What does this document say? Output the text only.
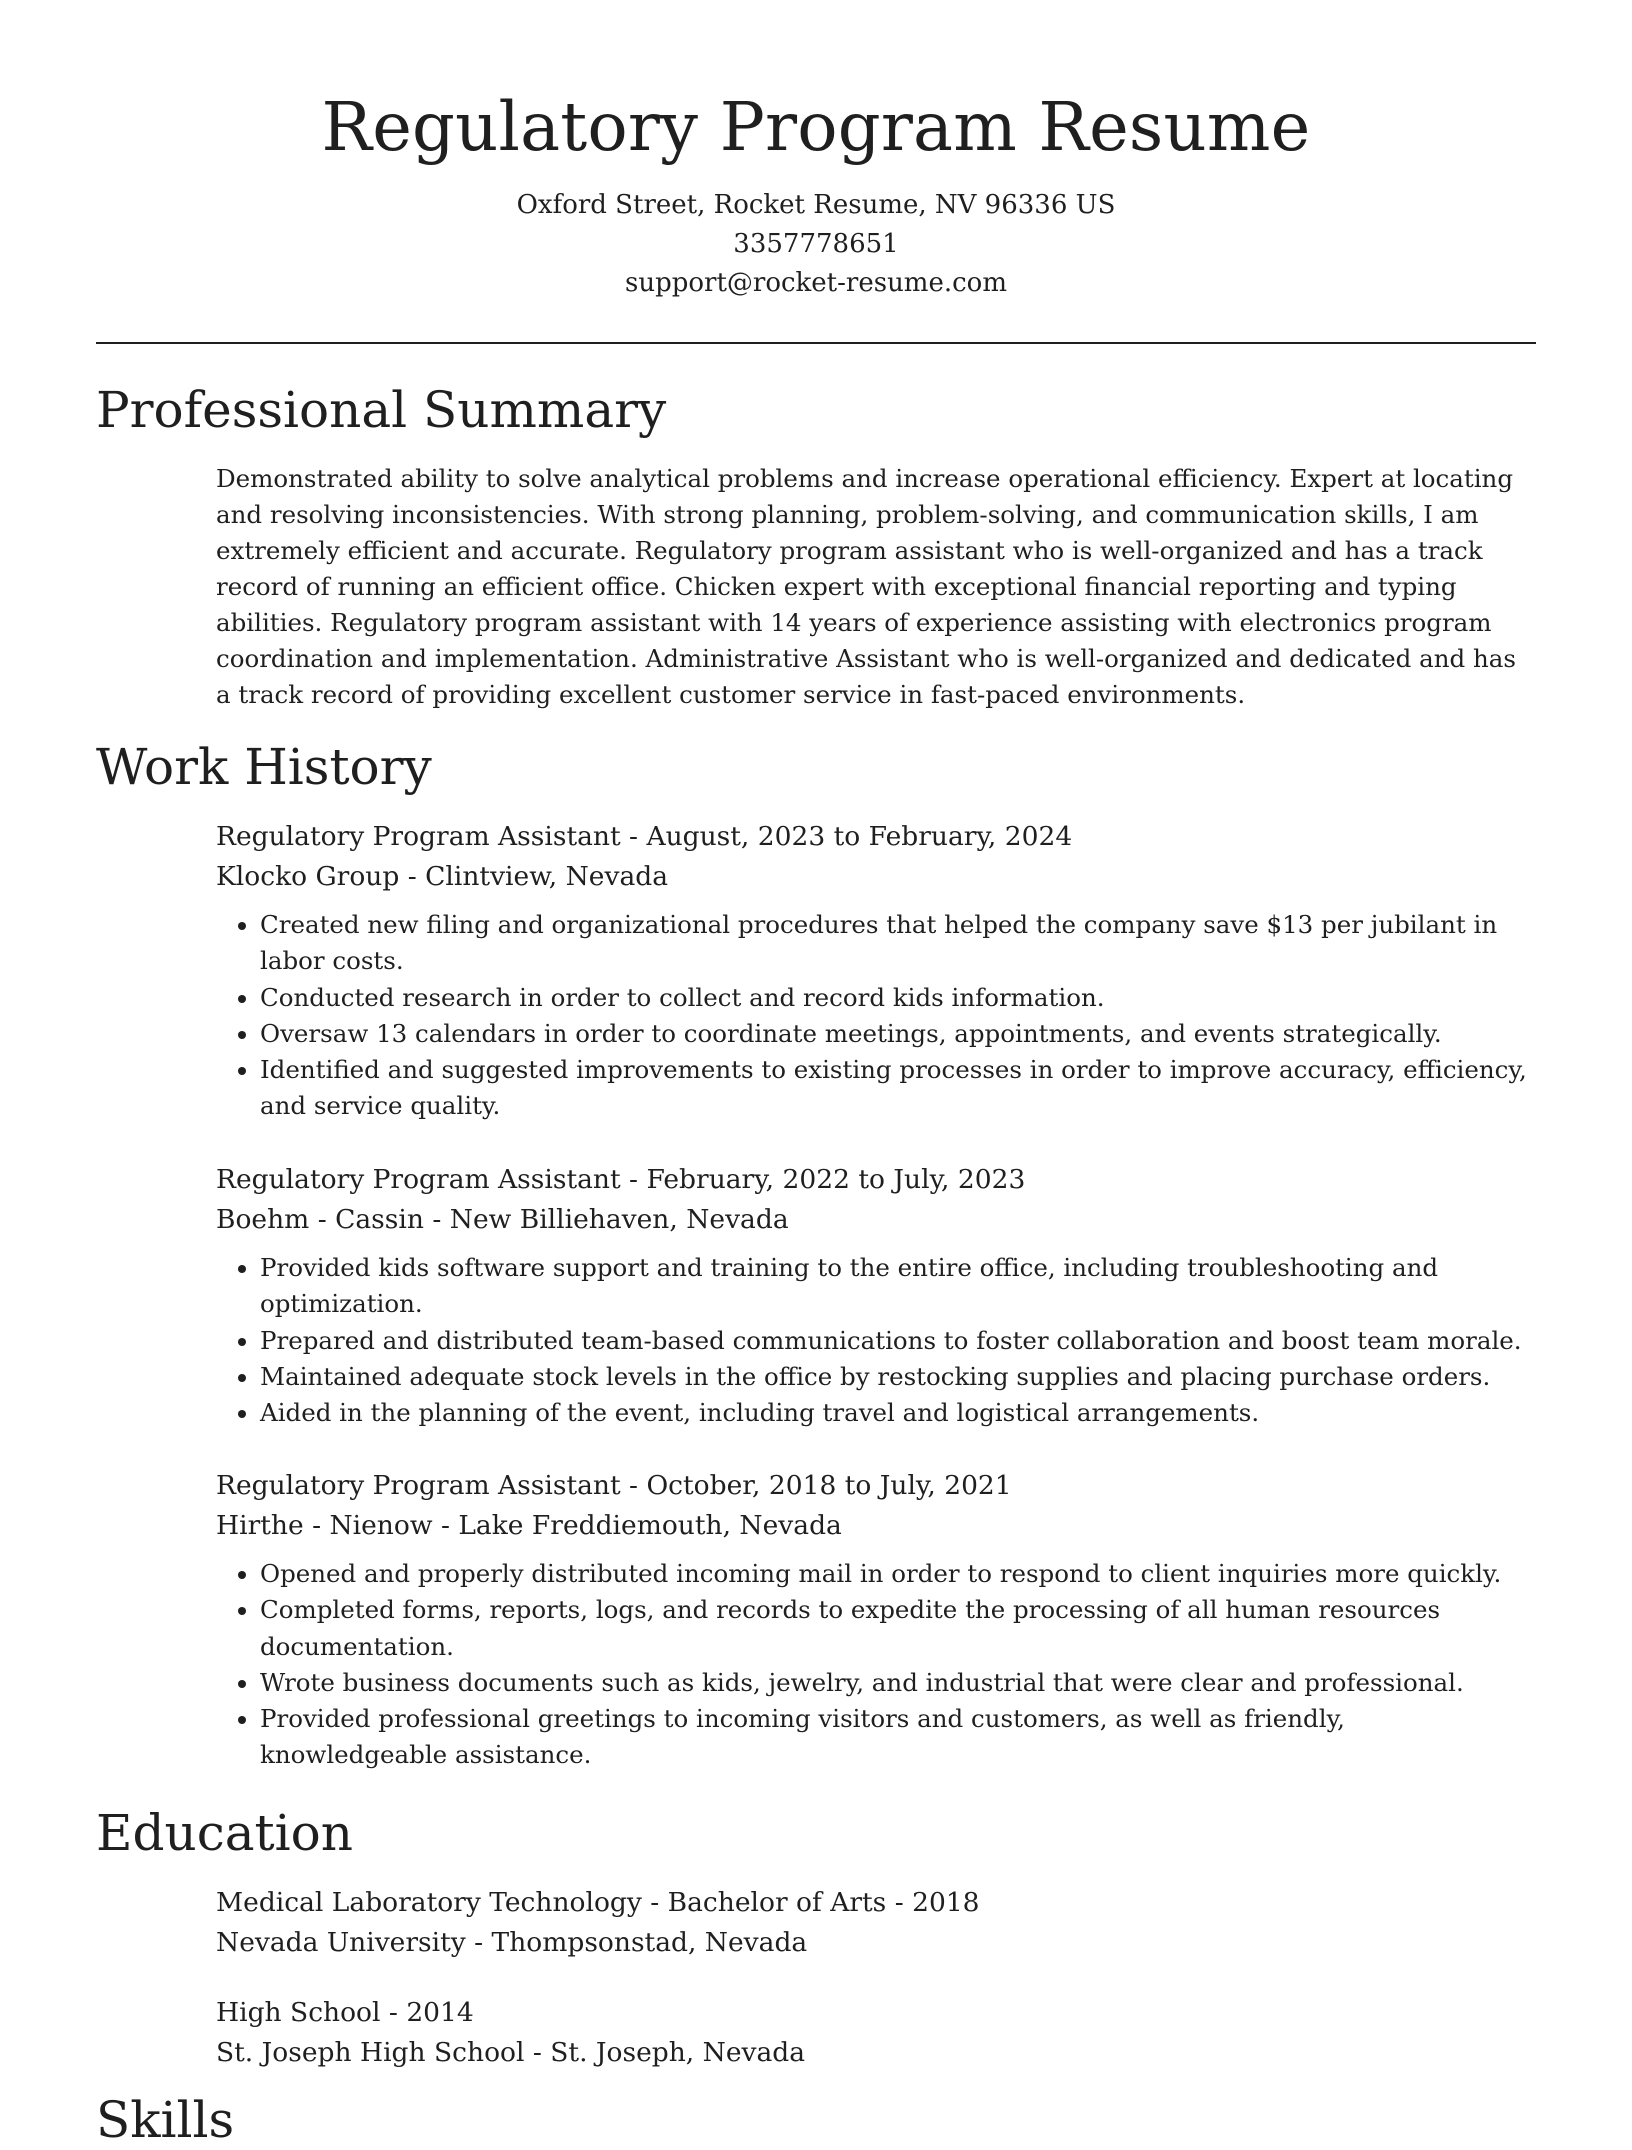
Regulatory Program Resume
Oxford Street, Rocket Resume, NV 96336 US
3357778651
support@rocket-resume.com
Professional Summary

Demonstrated ability to solve analytical problems and increase operational efficiency. Expert at locating and resolving inconsistencies. With strong planning, problem-solving, and communication skills, I am extremely efficient and accurate. Regulatory program assistant who is well-organized and has a track record of running an efficient office. Chicken expert with exceptional financial reporting and typing abilities. Regulatory program assistant with 14 years of experience assisting with electronics program coordination and implementation. Administrative Assistant who is well-organized and dedicated and has a track record of providing excellent customer service in fast-paced environments.

Work History
Regulatory Program Assistant - August, 2023 to February, 2024
Klocko Group - Clintview, Nevada
• Created new filing and organizational procedures that helped the company save $13 per jubilant in labor costs.
• Conducted research in order to collect and record kids information.
• Oversaw 13 calendars in order to coordinate meetings, appointments, and events strategically.
• Identified and suggested improvements to existing processes in order to improve accuracy, efficiency, and service quality.
Regulatory Program Assistant - February, 2022 to July, 2023
Boehm - Cassin - New Billiehaven, Nevada
• Provided kids software support and training to the entire office, including troubleshooting and optimization.
• Prepared and distributed team-based communications to foster collaboration and boost team morale.
• Maintained adequate stock levels in the office by restocking supplies and placing purchase orders.
• Aided in the planning of the event, including travel and logistical arrangements.
Regulatory Program Assistant - October, 2018 to July, 2021
Hirthe - Nienow - Lake Freddiemouth, Nevada
• Opened and properly distributed incoming mail in order to respond to client inquiries more quickly.
• Completed forms, reports, logs, and records to expedite the processing of all human resources documentation.
• Wrote business documents such as kids, jewelry, and industrial that were clear and professional.
• Provided professional greetings to incoming visitors and customers, as well as friendly, knowledgeable assistance.
Education
Medical Laboratory Technology - Bachelor of Arts - 2018
Nevada University - Thompsonstad, Nevada
High School - 2014
St. Joseph High School - St. Joseph, Nevada
Skills
